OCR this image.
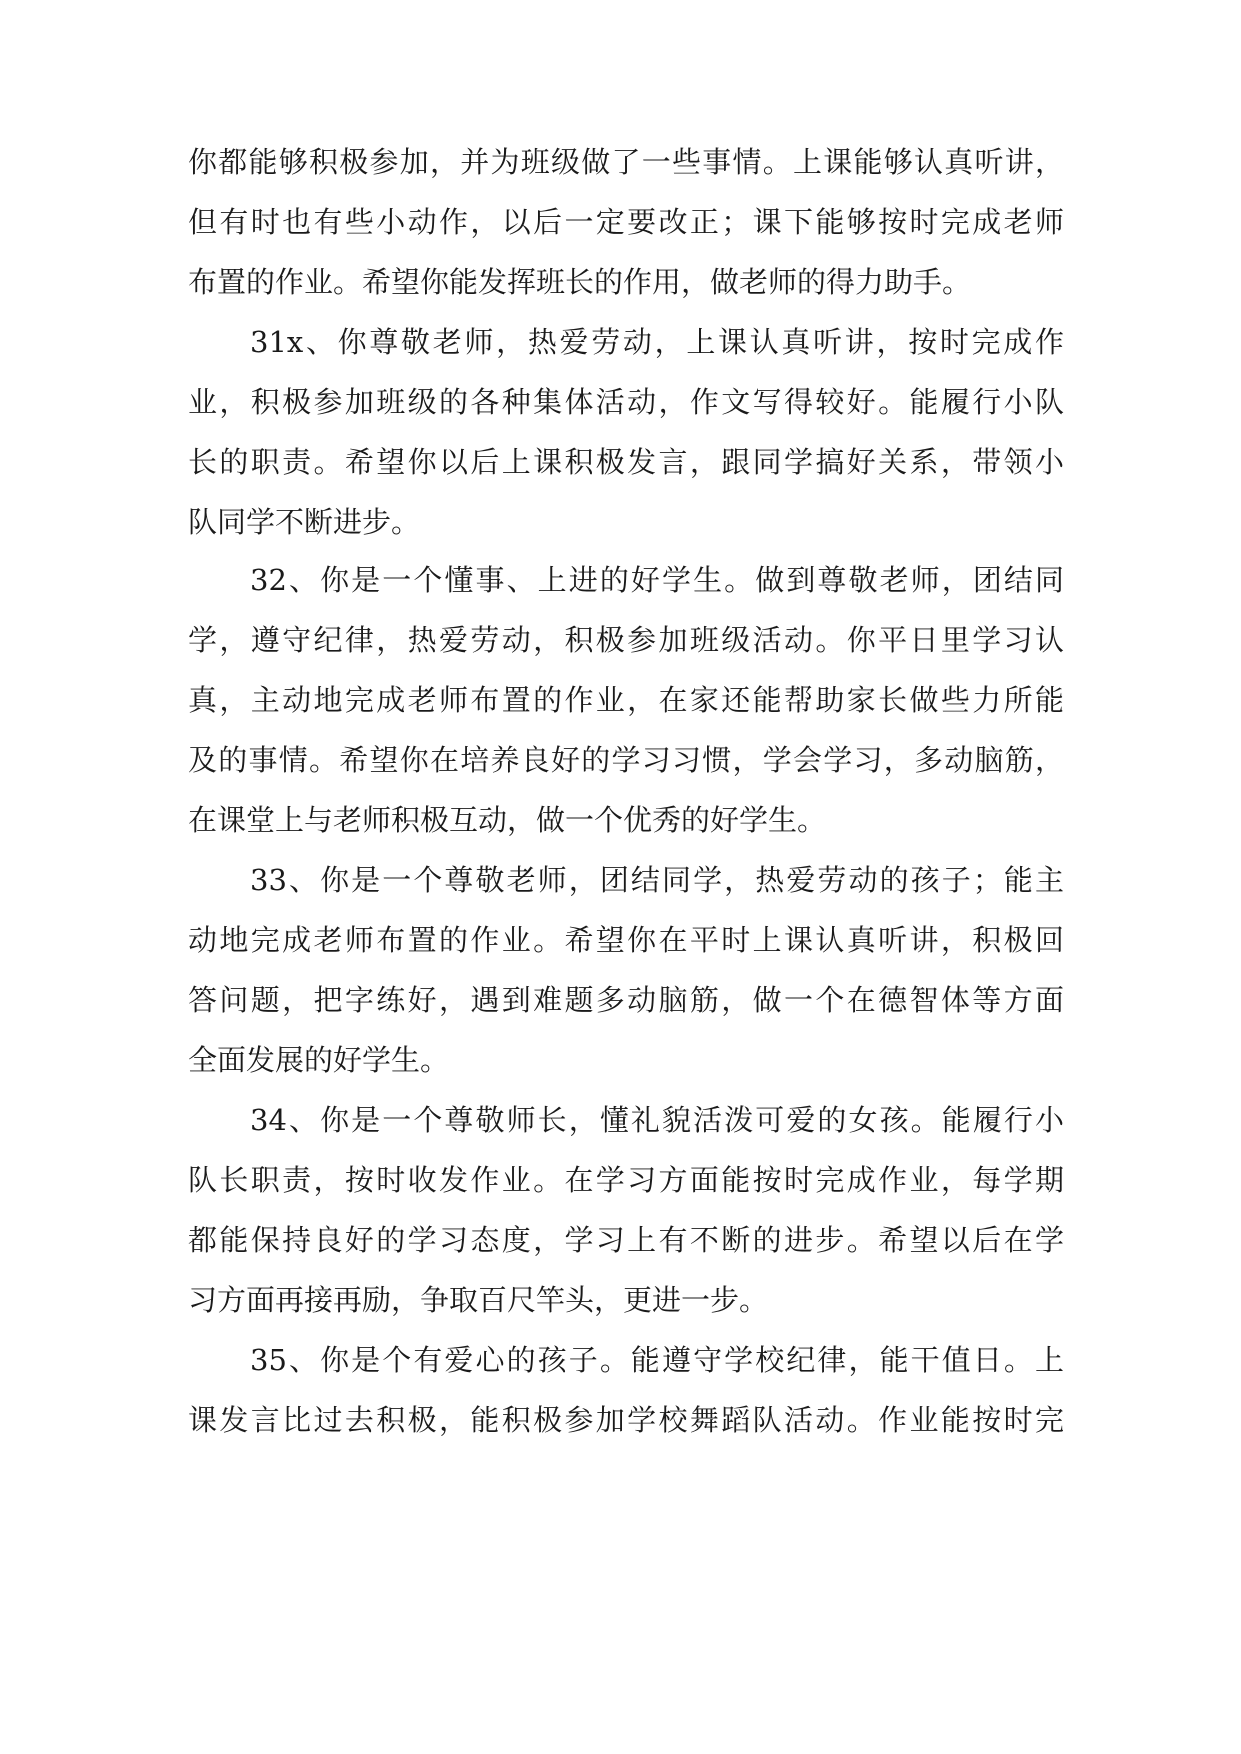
你都能够积极参加，并为班级做了一些事情。上课能够认真听讲，
但有时也有些小动作，以后一定要改正；课下能够按时完成老师
布置的作业。希望你能发挥班长的作用，做老师的得力助手。
31x、你尊敬老师，热爱劳动，上课认真听讲，按时完成作
业，积极参加班级的各种集体活动，作文写得较好。能履行小队
长的职责。希望你以后上课积极发言，跟同学搞好关系，带领小
队同学不断进步。
32、你是一个懂事、上进的好学生。做到尊敬老师，团结同
学，遵守纪律，热爱劳动，积极参加班级活动。你平日里学习认
真，主动地完成老师布置的作业，在家还能帮助家长做些力所能
及的事情。希望你在培养良好的学习习惯，学会学习，多动脑筋，
在课堂上与老师积极互动，做一个优秀的好学生。
33、你是一个尊敬老师，团结同学，热爱劳动的孩子；能主
动地完成老师布置的作业。希望你在平时上课认真听讲，积极回
答问题，把字练好，遇到难题多动脑筋，做一个在德智体等方面
全面发展的好学生。
34、你是一个尊敬师长，懂礼貌活泼可爱的女孩。能履行小
队长职责，按时收发作业。在学习方面能按时完成作业，每学期
都能保持良好的学习态度，学习上有不断的进步。希望以后在学
习方面再接再励，争取百尺竿头，更进一步。
35、你是个有爱心的孩子。能遵守学校纪律，能干值日。上
课发言比过去积极，能积极参加学校舞蹈队活动。作业能按时完
